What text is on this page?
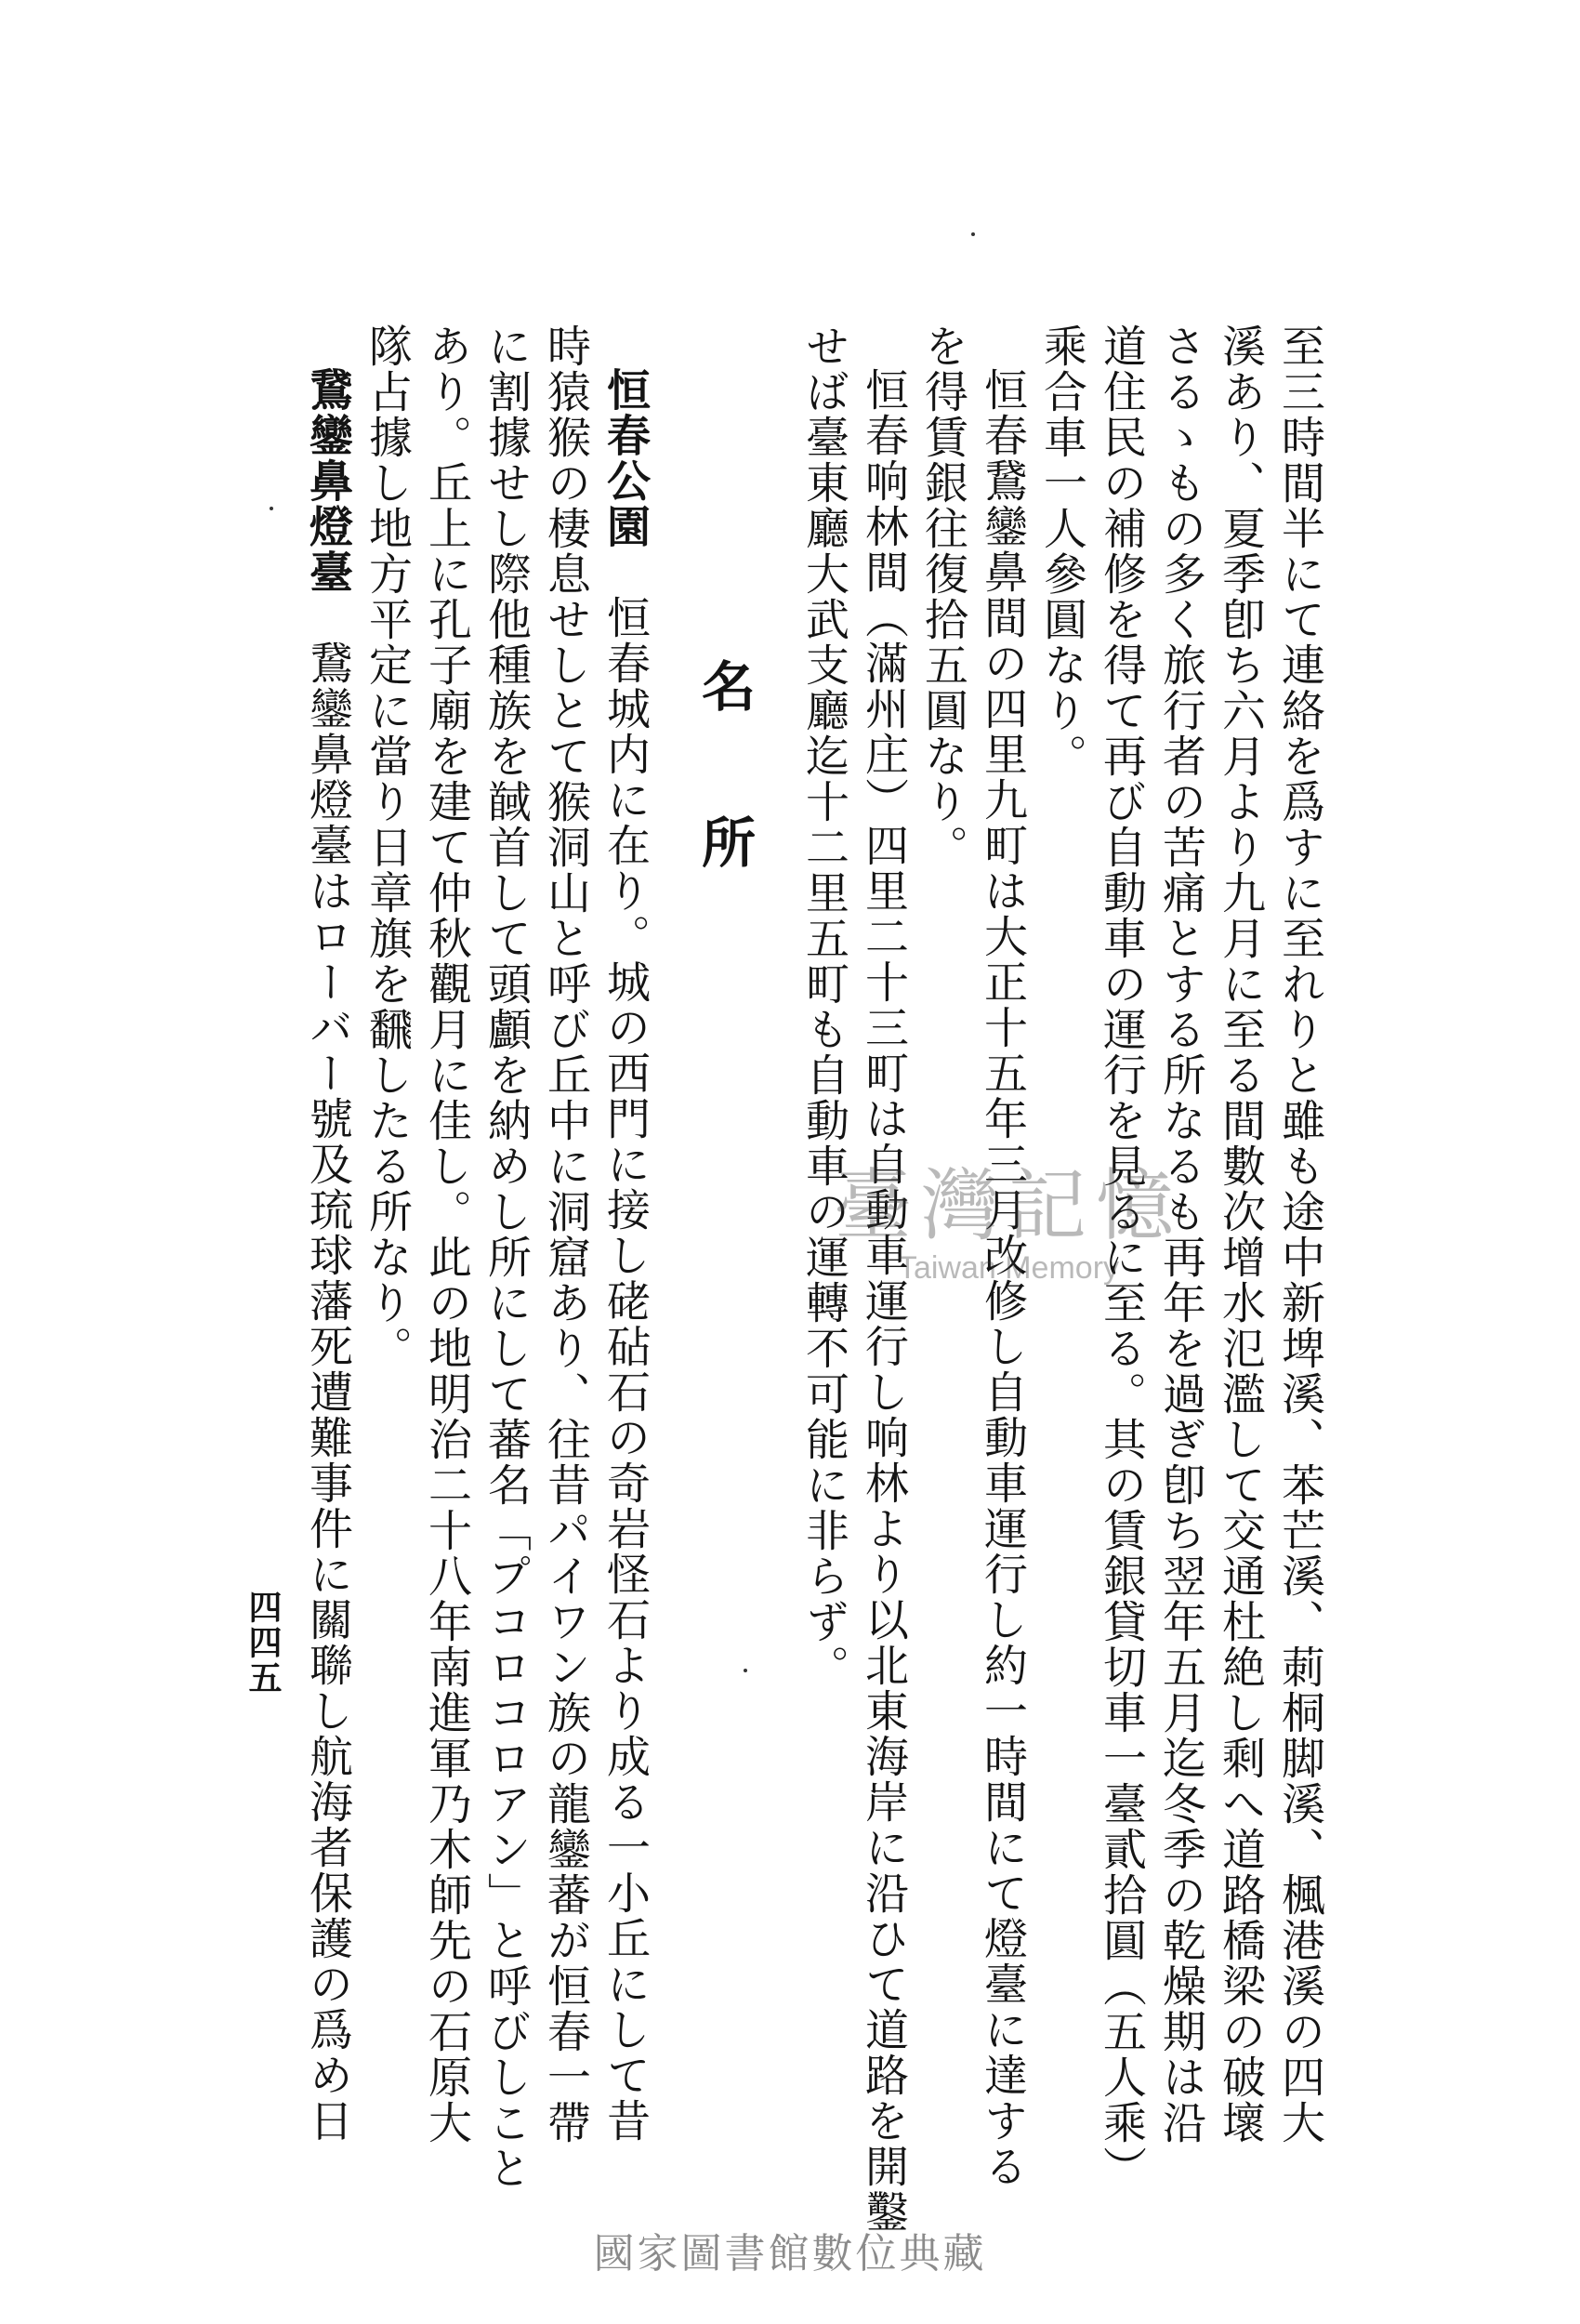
至三時間半にて連絡を爲すに至れりと雖も途中新埤溪、苯芒溪、莿桐脚溪、楓港溪の四大
溪あり、夏季卽ち六月より九月に至る間數次增水氾濫して交通杜絶し剩へ道路橋梁の破壞
さるゝもの多く旅行者の苦痛とする所なるも再年を過ぎ卽ち翌年五月迄冬季の乾燥期は沿
道住民の補修を得て再び自動車の運行を見るに至る。其の賃銀貸切車一臺貳拾圓（五人乘）
乘合車一人參圓なり。
恒春鵞鑾鼻間の四里九町は大正十五年三月改修し自動車運行し約一時間にて燈臺に達する
を得賃銀往復拾五圓なり。
恒春响林間（滿州庄）四里二十三町は自動車運行し响林より以北東海岸に沿ひて道路を開鑿
せば臺東廳大武支廳迄十二里五町も自動車の運轉不可能に非らず。
名所
恒春公園　恒春城内に在り。城の西門に接し硓砧石の奇岩怪石より成る一小丘にして昔
時猿猴の棲息せしとて猴洞山と呼び丘中に洞窟あり、往昔パイワン族の龍鑾蕃が恒春一帶
に割據せし際他種族を馘首して頭顱を納めし所にして蕃名「プコロコロアン」と呼びしこと
あり。丘上に孔子廟を建て仲秋觀月に佳し。此の地明治二十八年南進軍乃木師先の石原大
隊占據し地方平定に當り日章旗を飜したる所なり。
鵞鑾鼻燈臺　鵞鑾鼻燈臺はローバー號及琉球藩死遭難事件に關聯し航海者保護の爲め日
四四五
臺灣記憶
Taiwan Memory
國家圖書館數位典藏
